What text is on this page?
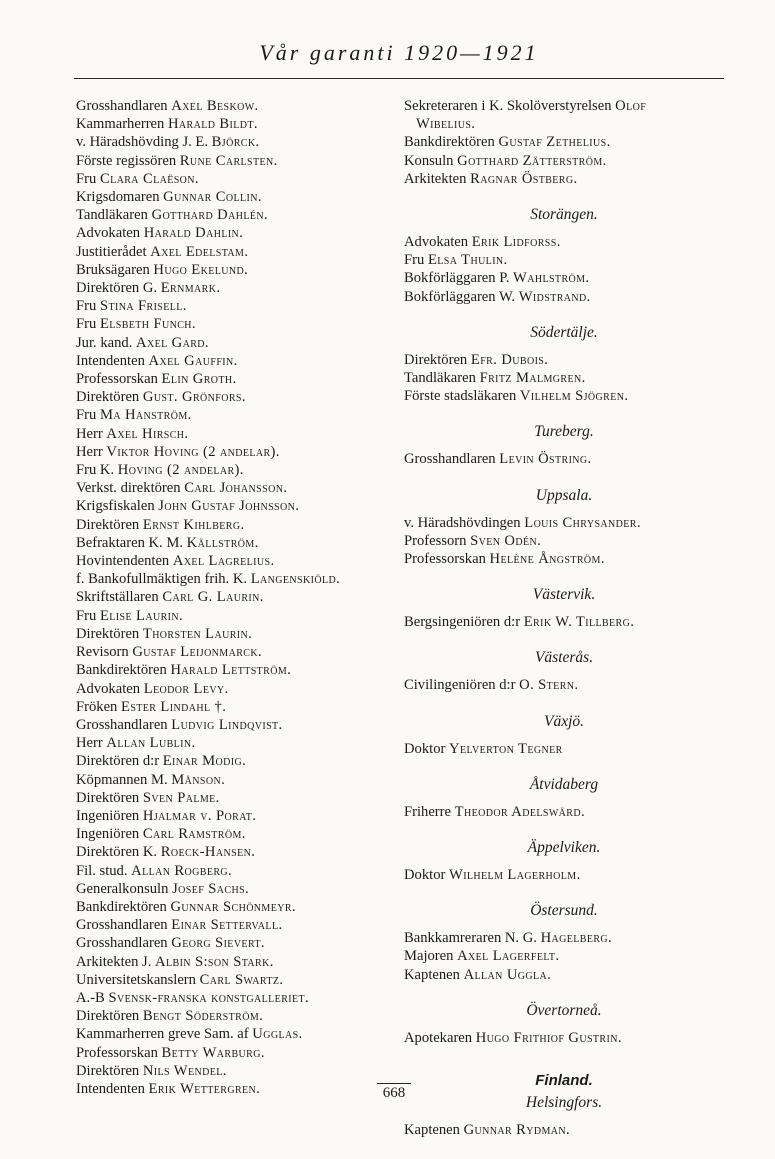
Vår garanti 1920—1921
Grosshandlaren Axel Beskow.
Kammarherren Harald Bildt.
v. Häradshövding J. E. Björck.
Förste regissören Rune Carlsten.
Fru Clara Claëson.
Krigsdomaren Gunnar Collin.
Tandläkaren Gotthard Dahlén.
Advokaten Harald Dahlin.
Justitierådet Axel Edelstam.
Bruksägaren Hugo Ekelund.
Direktören G. Ernmark.
Fru Stina Frisell.
Fru Elsbeth Funch.
Jur. kand. Axel Gard.
Intendenten Axel Gauffin.
Professorskan Elin Groth.
Direktören Gust. Grönfors.
Fru Ma Hanström.
Herr Axel Hirsch.
Herr Viktor Hoving (2 andelar).
Fru K. Hoving (2 andelar).
Verkst. direktören Carl Johansson.
Krigsfiskalen John Gustaf Johnsson.
Direktören Ernst Kihlberg.
Befraktaren K. M. Källström.
Hovintendenten Axel Lagrelius.
f. Bankofullmäktigen frih. K. Langenskiöld.
Skriftställaren Carl G. Laurin.
Fru Elise Laurin.
Direktören Thorsten Laurin.
Revisorn Gustaf Leijonmarck.
Bankdirektören Harald Lettström.
Advokaten Leodor Levy.
Fröken Ester Lindahl †.
Grosshandlaren Ludvig Lindqvist.
Herr Allan Lublin.
Direktören d:r Einar Modig.
Köpmannen M. Månson.
Direktören Sven Palme.
Ingeniören Hjalmar v. Porat.
Ingeniören Carl Ramström.
Direktören K. Roeck-Hansen.
Fil. stud. Allan Rogberg.
Generalkonsuln Josef Sachs.
Bankdirektören Gunnar Schönmeyr.
Grosshandlaren Einar Settervall.
Grosshandlaren Georg Sievert.
Arkitekten J. Albin S:son Stark.
Universitetskanslern Carl Swartz.
A.-B Svensk-franska konstgalleriet.
Direktören Bengt Söderström.
Kammarherren greve Sam. af Ugglas.
Professorskan Betty Warburg.
Direktören Nils Wendel.
Intendenten Erik Wettergren.
Sekreteraren i K. Skolöverstyrelsen Olof
Wibelius.
Bankdirektören Gustaf Zethelius.
Konsuln Gotthard Zätterström.
Arkitekten Ragnar Östberg.
Storängen.
Advokaten Erik Lidforss.
Fru Elsa Thulin.
Bokförläggaren P. Wahlström.
Bokförläggaren W. Widstrand.
Södertälje.
Direktören Efr. Dubois.
Tandläkaren Fritz Malmgren.
Förste stadsläkaren Vilhelm Sjögren.
Tureberg.
Grosshandlaren Levin Östring.
Uppsala.
v. Häradshövdingen Louis Chrysander.
Professorn Sven Odén.
Professorskan Helène Ångström.
Västervik.
Bergsingeniören d:r Erik W. Tillberg.
Västerås.
Civilingeniören d:r O. Stern.
Växjö.
Doktor Yelverton Tegner
Åtvidaberg
Friherre Theodor Adelswärd.
Äppelviken.
Doktor Wilhelm Lagerholm.
Östersund.
Bankkamreraren N. G. Hagelberg.
Majoren Axel Lagerfelt.
Kaptenen Allan Uggla.
Övertorneå.
Apotekaren Hugo Frithiof Gustrin.
Finland.
Helsingfors.
Kaptenen Gunnar Rydman.
668
